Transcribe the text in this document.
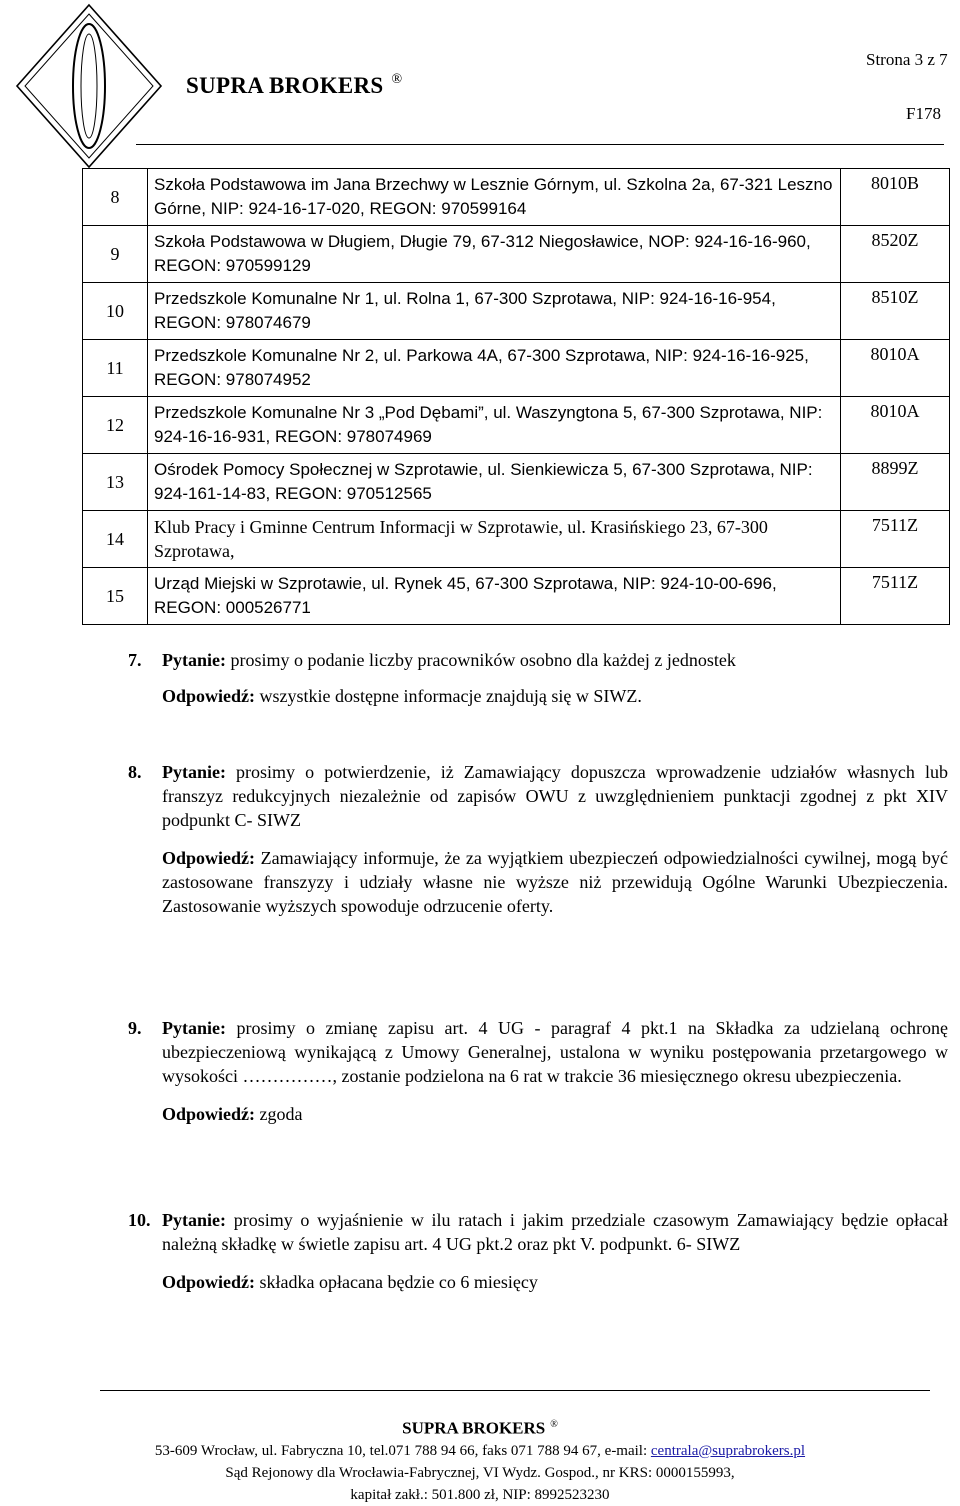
Strona 3 z 7
SUPRA BROKERS ®
F178
8	Szkoła Podstawowa im Jana Brzechwy w Lesznie Górnym, ul. Szkolna 2a, 67-321 Leszno Górne, NIP: 924-16-17-020, REGON: 970599164	8010B
9	Szkoła Podstawowa w Długiem, Długie 79, 67-312 Niegosławice, NOP: 924-16-16-960, REGON: 970599129	8520Z
10	Przedszkole Komunalne Nr 1, ul. Rolna 1, 67-300 Szprotawa, NIP: 924-16-16-954, REGON: 978074679	8510Z
11	Przedszkole Komunalne Nr 2, ul. Parkowa 4A, 67-300 Szprotawa, NIP: 924-16-16-925, REGON: 978074952	8010A
12	Przedszkole Komunalne Nr 3 „Pod Dębami”, ul. Waszyngtona 5, 67-300 Szprotawa, NIP: 924-16-16-931, REGON: 978074969	8010A
13	Ośrodek Pomocy Społecznej w Szprotawie, ul. Sienkiewicza 5, 67-300 Szprotawa, NIP: 924-161-14-83, REGON: 970512565	8899Z
14	Klub Pracy i Gminne Centrum Informacji w Szprotawie, ul. Krasińskiego 23, 67-300 Szprotawa,	7511Z
15	Urząd Miejski w Szprotawie, ul. Rynek 45, 67-300 Szprotawa, NIP: 924-10-00-696, REGON: 000526771	7511Z
7. Pytanie: prosimy o podanie liczby pracowników osobno dla każdej z jednostek

Odpowiedź: wszystkie dostępne informacje znajdują się w SIWZ.

8. Pytanie: prosimy o potwierdzenie, iż Zamawiający dopuszcza wprowadzenie udziałów własnych lub franszyz redukcyjnych niezależnie od zapisów OWU z uwzględnieniem punktacji zgodnej z pkt XIV podpunkt C- SIWZ

Odpowiedź: Zamawiający informuje, że za wyjątkiem ubezpieczeń odpowiedzialności cywilnej, mogą być zastosowane franszyzy i udziały własne nie wyższe niż przewidują Ogólne Warunki Ubezpieczenia. Zastosowanie wyższych spowoduje odrzucenie oferty.

9. Pytanie: prosimy o zmianę zapisu art. 4 UG - paragraf 4 pkt.1 na Składka za udzielaną ochronę ubezpieczeniową wynikającą z Umowy Generalnej, ustalona w wyniku postępowania przetargowego w wysokości ……………, zostanie podzielona na 6 rat w trakcie 36 miesięcznego okresu ubezpieczenia.

Odpowiedź: zgoda

10. Pytanie: prosimy o wyjaśnienie w ilu ratach i jakim przedziale czasowym Zamawiający będzie opłacał należną składkę w świetle zapisu art. 4 UG pkt.2 oraz pkt V. podpunkt. 6- SIWZ

Odpowiedź: składka opłacana będzie co 6 miesięcy

SUPRA BROKERS ®
53-609 Wrocław, ul. Fabryczna 10, tel.071 788 94 66, faks 071 788 94 67, e-mail: centrala@suprabrokers.pl
Sąd Rejonowy dla Wrocławia-Fabrycznej, VI Wydz. Gospod., nr KRS: 0000155993,
kapitał zakł.: 501.800 zł, NIP: 8992523230
